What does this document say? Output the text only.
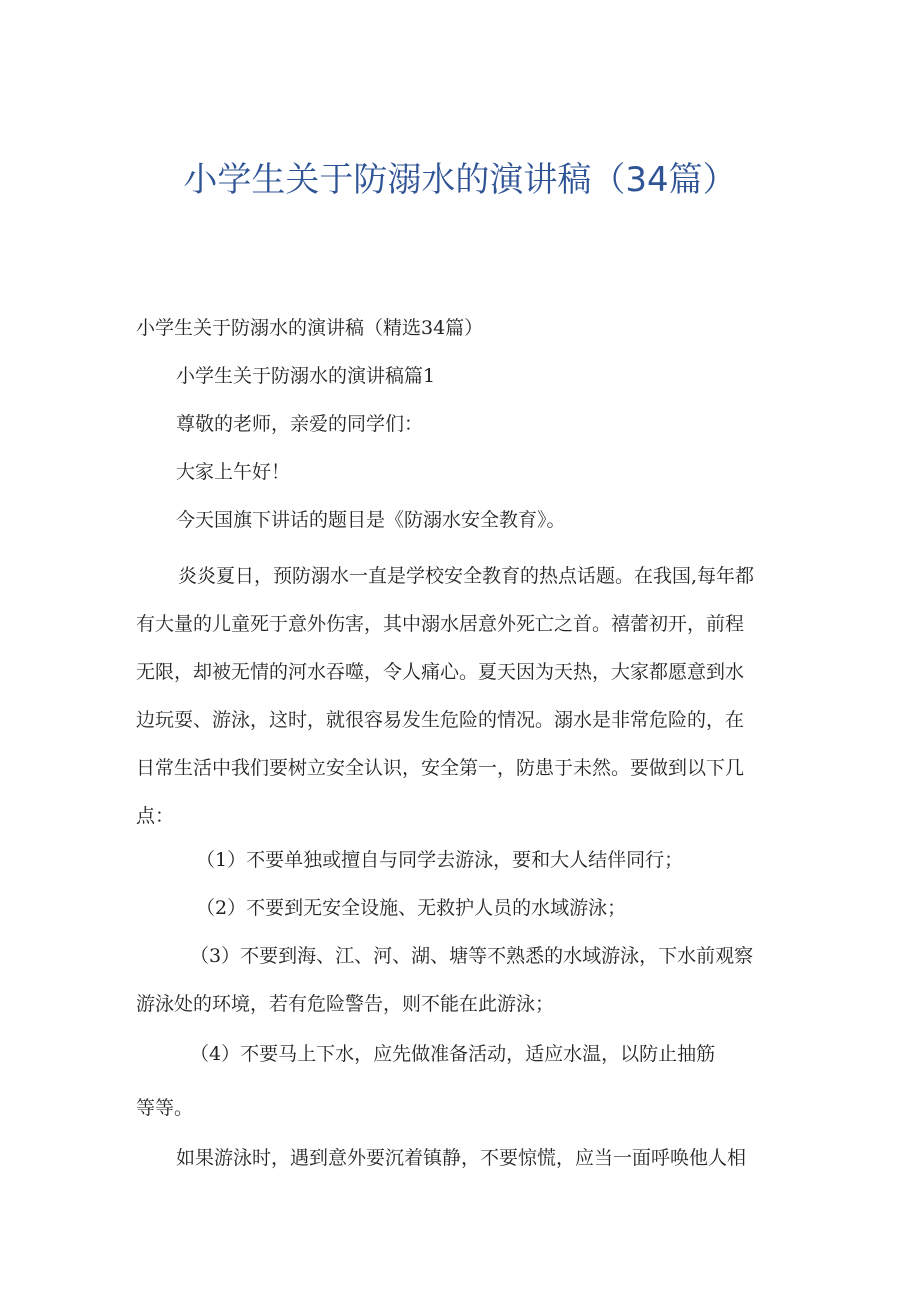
小学生关于防溺水的演讲稿（34篇）
小学生关于防溺水的演讲稿（精选34篇）
小学生关于防溺水的演讲稿篇1
尊敬的老师，亲爱的同学们：
大家上午好！
今天国旗下讲话的题目是《防溺水安全教育》。
炎炎夏日，预防溺水一直是学校安全教育的热点话题。在我国,每年都
有大量的儿童死于意外伤害，其中溺水居意外死亡之首。禧蕾初开，前程
无限，却被无情的河水吞噬，令人痛心。夏天因为天热，大家都愿意到水
边玩耍、游泳，这时，就很容易发生危险的情况。溺水是非常危险的，在
日常生活中我们要树立安全认识，安全第一，防患于未然。要做到以下几
点：
（1）不要单独或擅自与同学去游泳，要和大人结伴同行；
（2）不要到无安全设施、无救护人员的水域游泳；
（3）不要到海、江、河、湖、塘等不熟悉的水域游泳，下水前观察
游泳处的环境，若有危险警告，则不能在此游泳；
（4）不要马上下水，应先做准备活动，适应水温，以防止抽筋
等等。
如果游泳时，遇到意外要沉着镇静，不要惊慌，应当一面呼唤他人相
